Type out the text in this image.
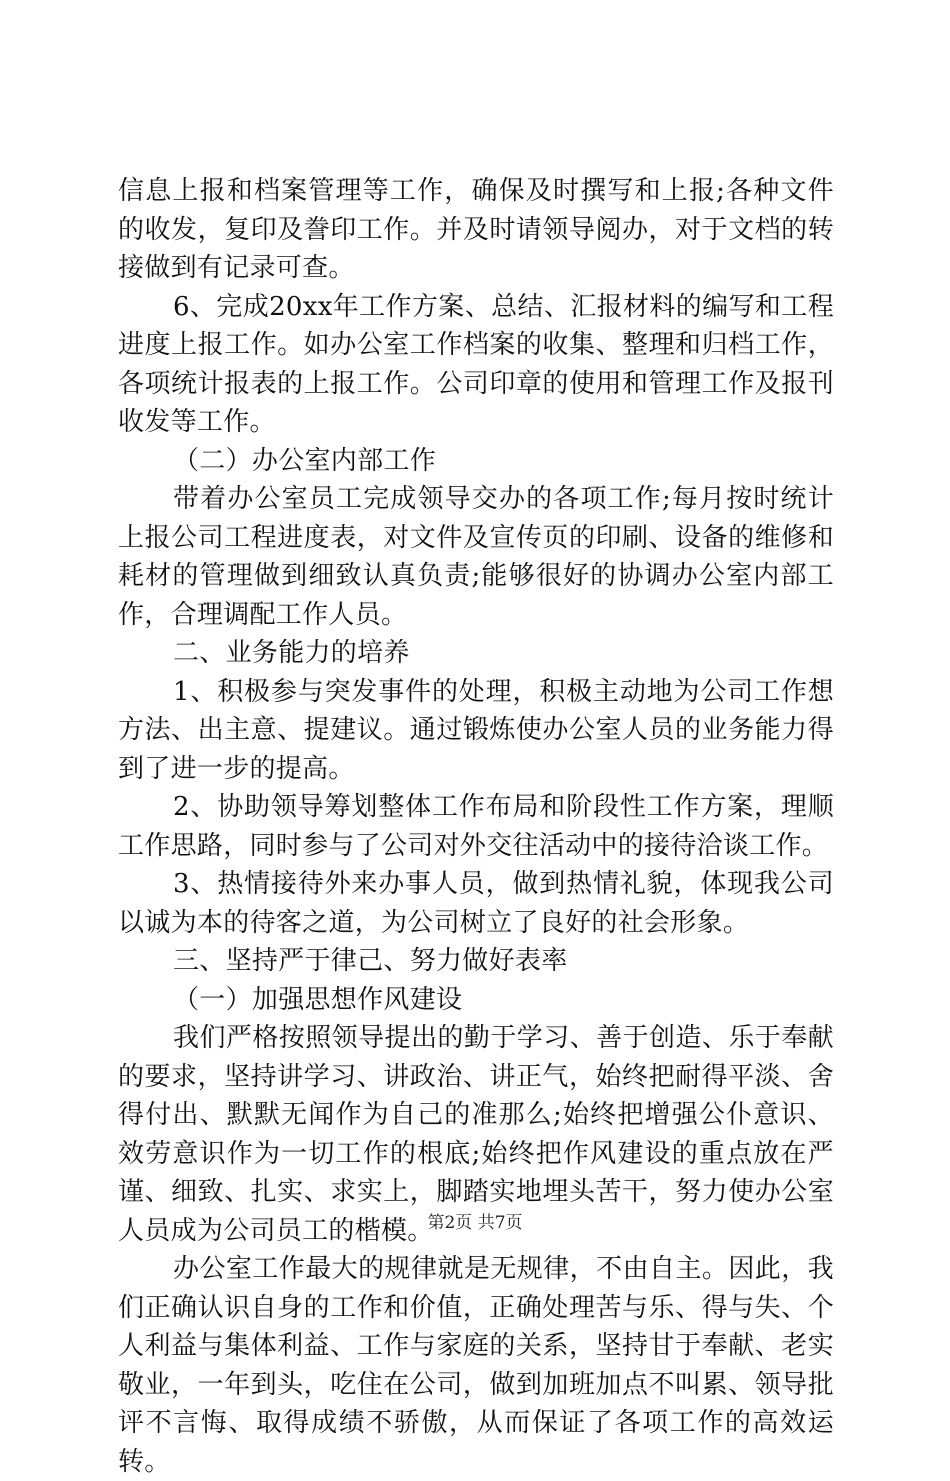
信息上报和档案管理等工作，确保及时撰写和上报;各种文件的收发，复印及誊印工作。并及时请领导阅办，对于文档的转接做到有记录可查。

6、完成20xx年工作方案、总结、汇报材料的编写和工程进度上报工作。如办公室工作档案的收集、整理和归档工作，各项统计报表的上报工作。公司印章的使用和管理工作及报刊收发等工作。

（二）办公室内部工作

带着办公室员工完成领导交办的各项工作;每月按时统计上报公司工程进度表，对文件及宣传页的印刷、设备的维修和耗材的管理做到细致认真负责;能够很好的协调办公室内部工作，合理调配工作人员。

二、业务能力的培养

1、积极参与突发事件的处理，积极主动地为公司工作想方法、出主意、提建议。通过锻炼使办公室人员的业务能力得到了进一步的提高。

2、协助领导筹划整体工作布局和阶段性工作方案，理顺工作思路，同时参与了公司对外交往活动中的接待洽谈工作。

3、热情接待外来办事人员，做到热情礼貌，体现我公司以诚为本的待客之道，为公司树立了良好的社会形象。

三、坚持严于律己、努力做好表率

（一）加强思想作风建设

我们严格按照领导提出的勤于学习、善于创造、乐于奉献的要求，坚持讲学习、讲政治、讲正气，始终把耐得平淡、舍得付出、默默无闻作为自己的准那么;始终把增强公仆意识、效劳意识作为一切工作的根底;始终把作风建设的重点放在严谨、细致、扎实、求实上，脚踏实地埋头苦干，努力使办公室人员成为公司员工的楷模。

办公室工作最大的规律就是无规律，不由自主。因此，我们正确认识自身的工作和价值，正确处理苦与乐、得与失、个人利益与集体利益、工作与家庭的关系，坚持甘于奉献、老实敬业，一年到头，吃住在公司，做到加班加点不叫累、领导批评不言悔、取得成绩不骄傲，从而保证了各项工作的高效运转。

第2页 共7页
